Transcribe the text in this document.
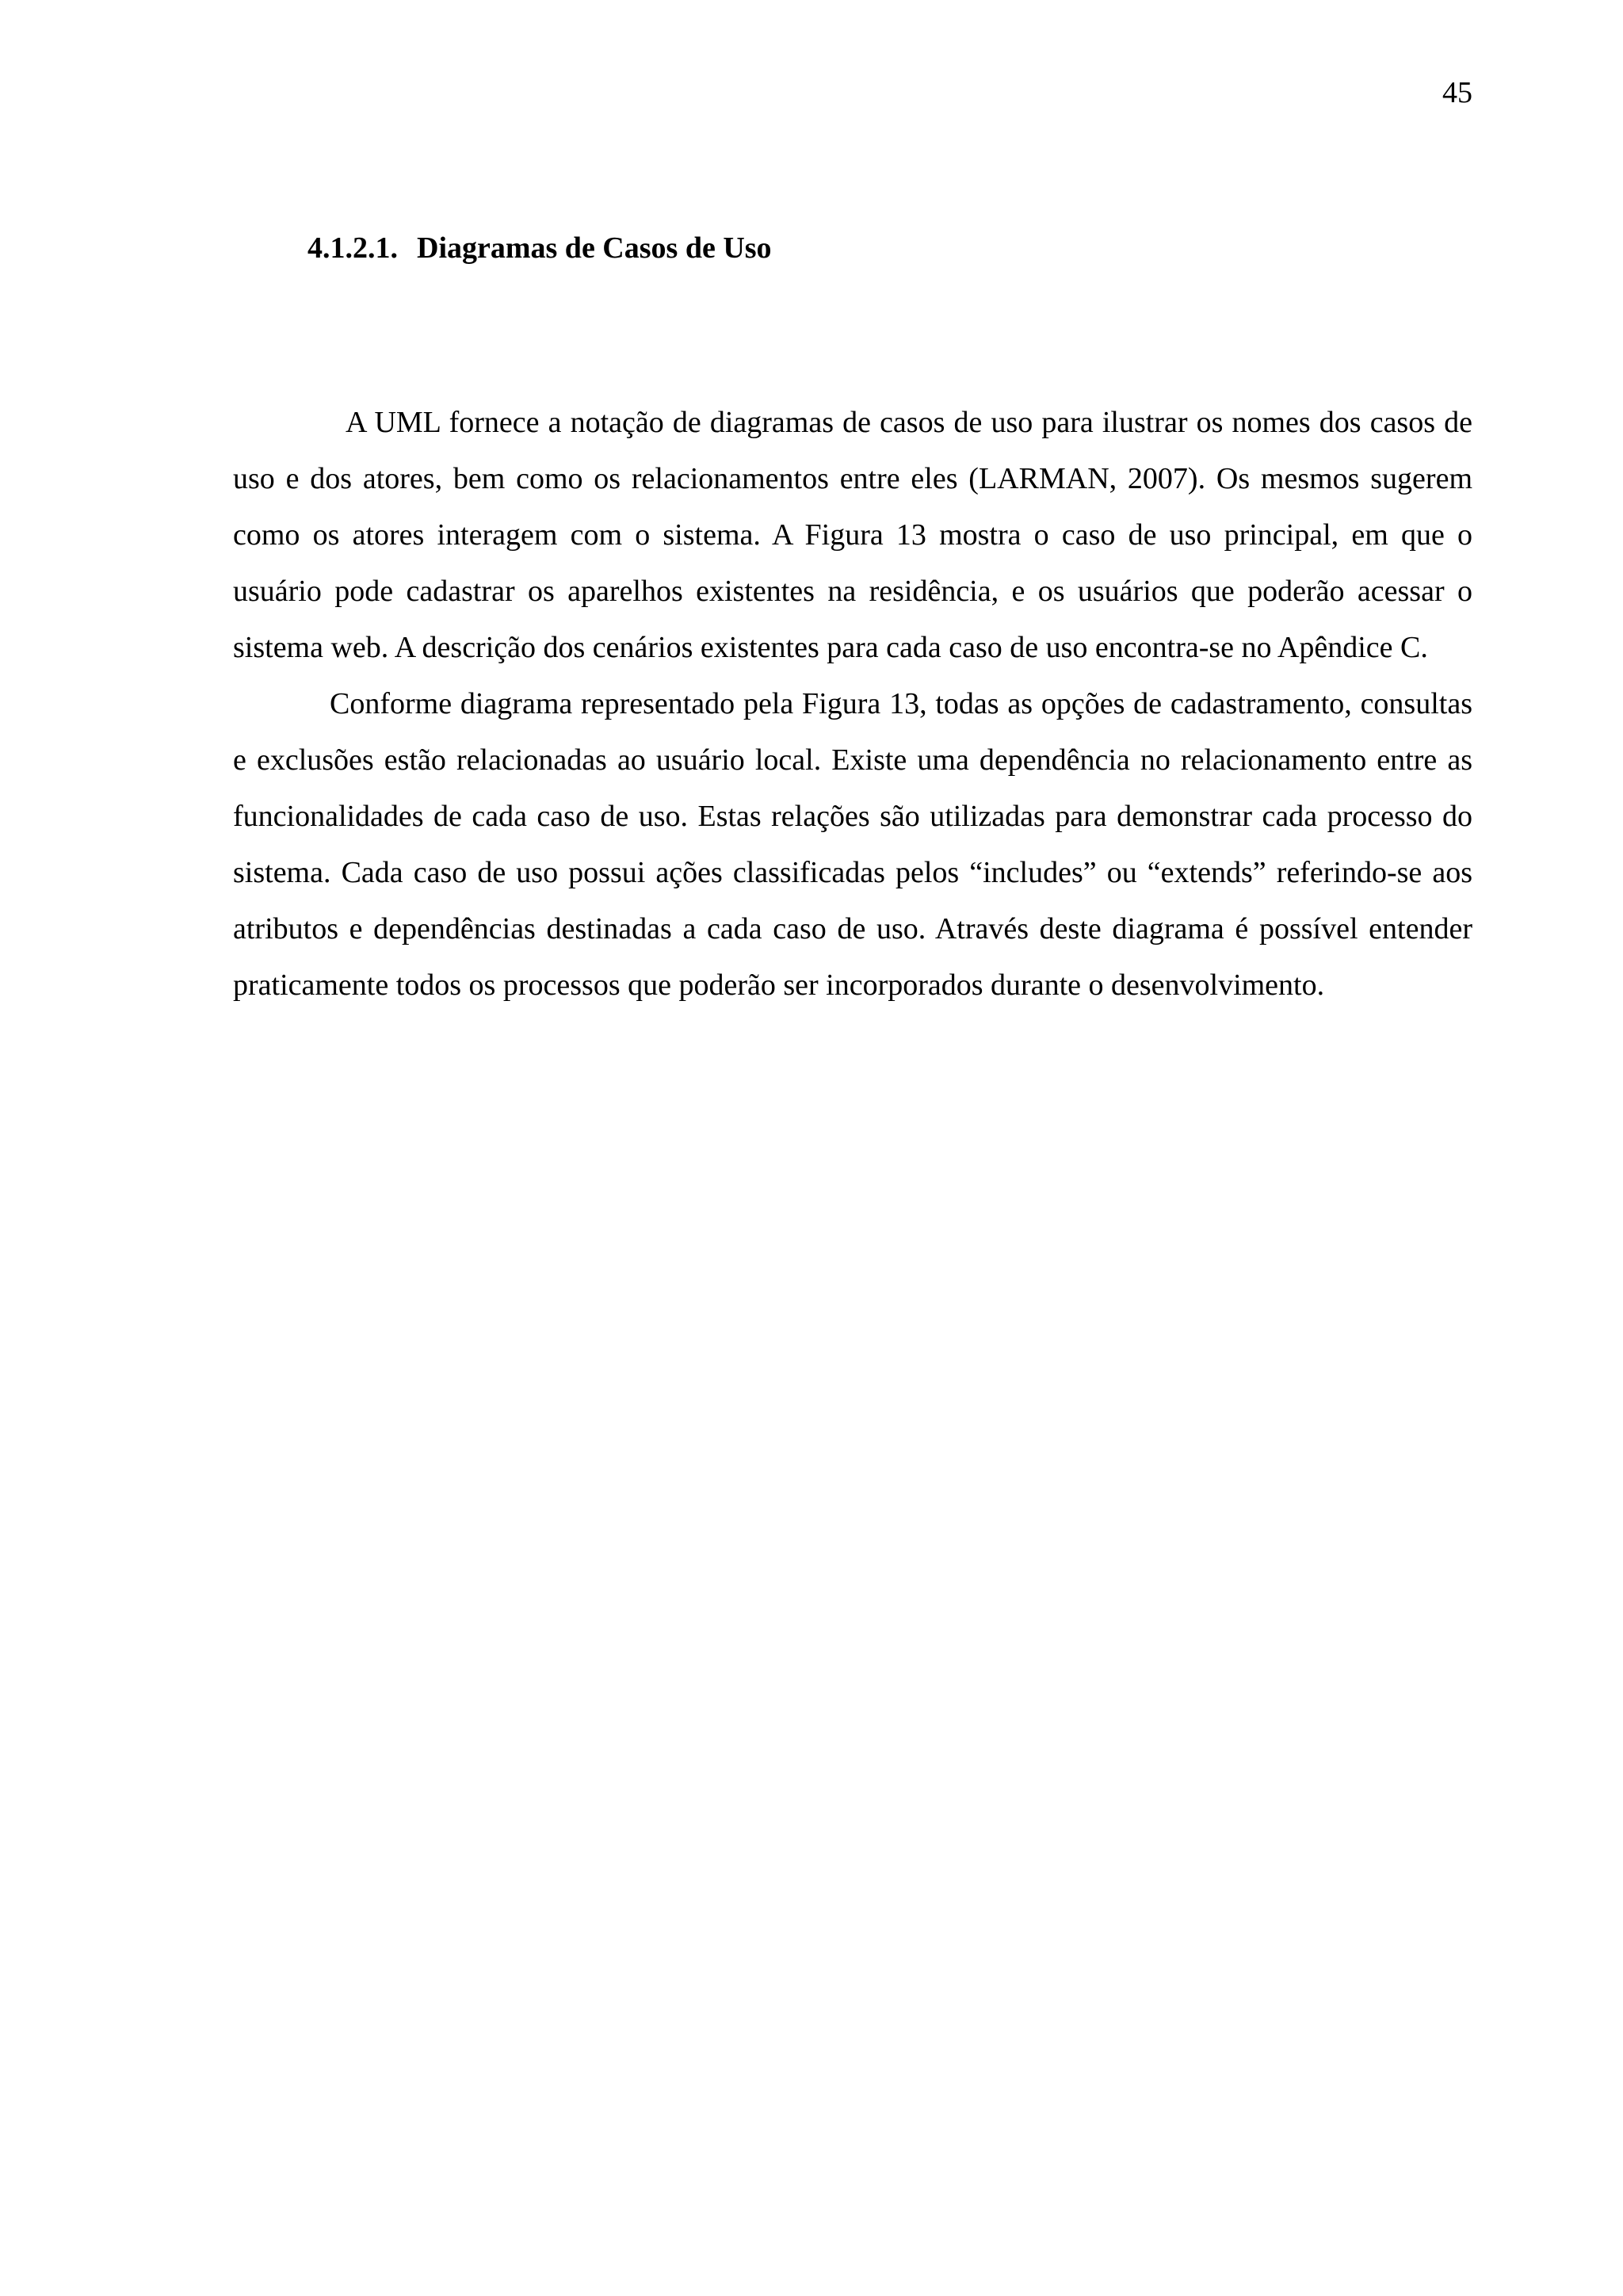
45
4.1.2.1. Diagramas de Casos de Uso

A UML fornece a notação de diagramas de casos de uso para ilustrar os nomes dos casos de uso e dos atores, bem como os relacionamentos entre eles (LARMAN, 2007). Os mesmos sugerem como os atores interagem com o sistema. A Figura 13 mostra o caso de uso principal, em que o usuário pode cadastrar os aparelhos existentes na residência, e os usuários que poderão acessar o sistema web. A descrição dos cenários existentes para cada caso de uso encontra-se no Apêndice C.

Conforme diagrama representado pela Figura 13, todas as opções de cadastramento, consultas e exclusões estão relacionadas ao usuário local. Existe uma dependência no relacionamento entre as funcionalidades de cada caso de uso. Estas relações são utilizadas para demonstrar cada processo do sistema. Cada caso de uso possui ações classificadas pelos “includes” ou “extends” referindo-se aos atributos e dependências destinadas a cada caso de uso. Através deste diagrama é possível entender praticamente todos os processos que poderão ser incorporados durante o desenvolvimento.
